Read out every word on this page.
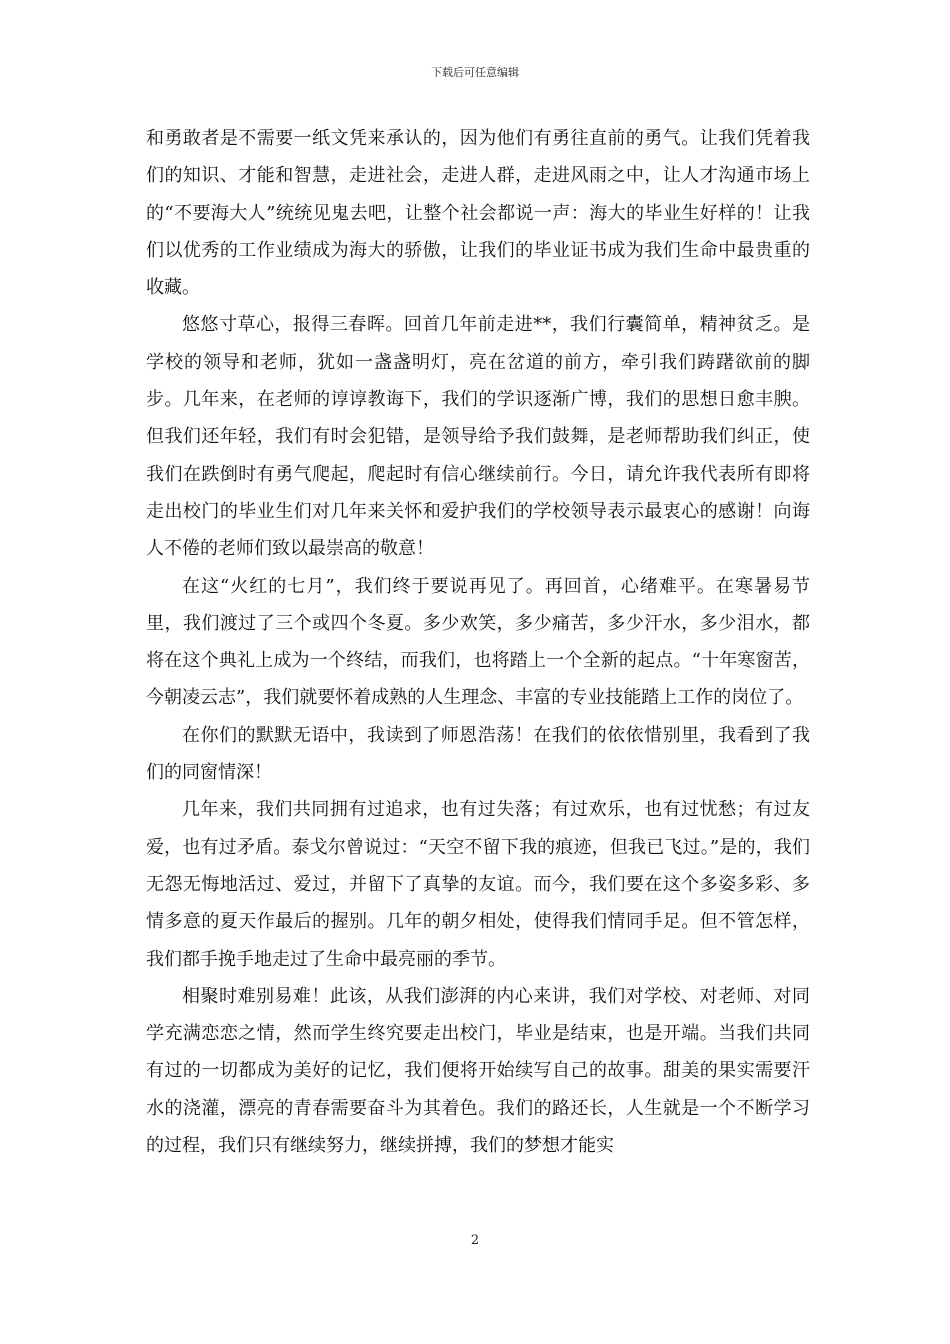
下载后可任意编辑

和勇敢者是不需要一纸文凭来承认的，因为他们有勇往直前的勇气。让我们凭着我们的知识、才能和智慧，走进社会，走进人群，走进风雨之中，让人才沟通市场上的“不要海大人”统统见鬼去吧，让整个社会都说一声：海大的毕业生好样的！让我们以优秀的工作业绩成为海大的骄傲，让我们的毕业证书成为我们生命中最贵重的收藏。

悠悠寸草心，报得三春晖。回首几年前走进**，我们行囊简单，精神贫乏。是学校的领导和老师，犹如一盏盏明灯，亮在岔道的前方，牵引我们踌躇欲前的脚步。几年来，在老师的谆谆教诲下，我们的学识逐渐广博，我们的思想日愈丰腴。但我们还年轻，我们有时会犯错，是领导给予我们鼓舞，是老师帮助我们纠正，使我们在跌倒时有勇气爬起，爬起时有信心继续前行。今日，请允许我代表所有即将走出校门的毕业生们对几年来关怀和爱护我们的学校领导表示最衷心的感谢！向诲人不倦的老师们致以最崇高的敬意！

在这“火红的七月”，我们终于要说再见了。再回首，心绪难平。在寒暑易节里，我们渡过了三个或四个冬夏。多少欢笑，多少痛苦，多少汗水，多少泪水，都将在这个典礼上成为一个终结，而我们，也将踏上一个全新的起点。“十年寒窗苦，今朝凌云志”，我们就要怀着成熟的人生理念、丰富的专业技能踏上工作的岗位了。

在你们的默默无语中，我读到了师恩浩荡！在我们的依依惜别里，我看到了我们的同窗情深！

几年来，我们共同拥有过追求，也有过失落；有过欢乐，也有过忧愁；有过友爱，也有过矛盾。泰戈尔曾说过：“天空不留下我的痕迹，但我已飞过。”是的，我们无怨无悔地活过、爱过，并留下了真挚的友谊。而今，我们要在这个多姿多彩、多情多意的夏天作最后的握别。几年的朝夕相处，使得我们情同手足。但不管怎样，我们都手挽手地走过了生命中最亮丽的季节。

相聚时难别易难！此该，从我们澎湃的内心来讲，我们对学校、对老师、对同学充满恋恋之情，然而学生终究要走出校门，毕业是结束，也是开端。当我们共同有过的一切都成为美好的记忆，我们便将开始续写自己的故事。甜美的果实需要汗水的浇灌，漂亮的青春需要奋斗为其着色。我们的路还长，人生就是一个不断学习的过程，我们只有继续努力，继续拼搏，我们的梦想才能实

2
